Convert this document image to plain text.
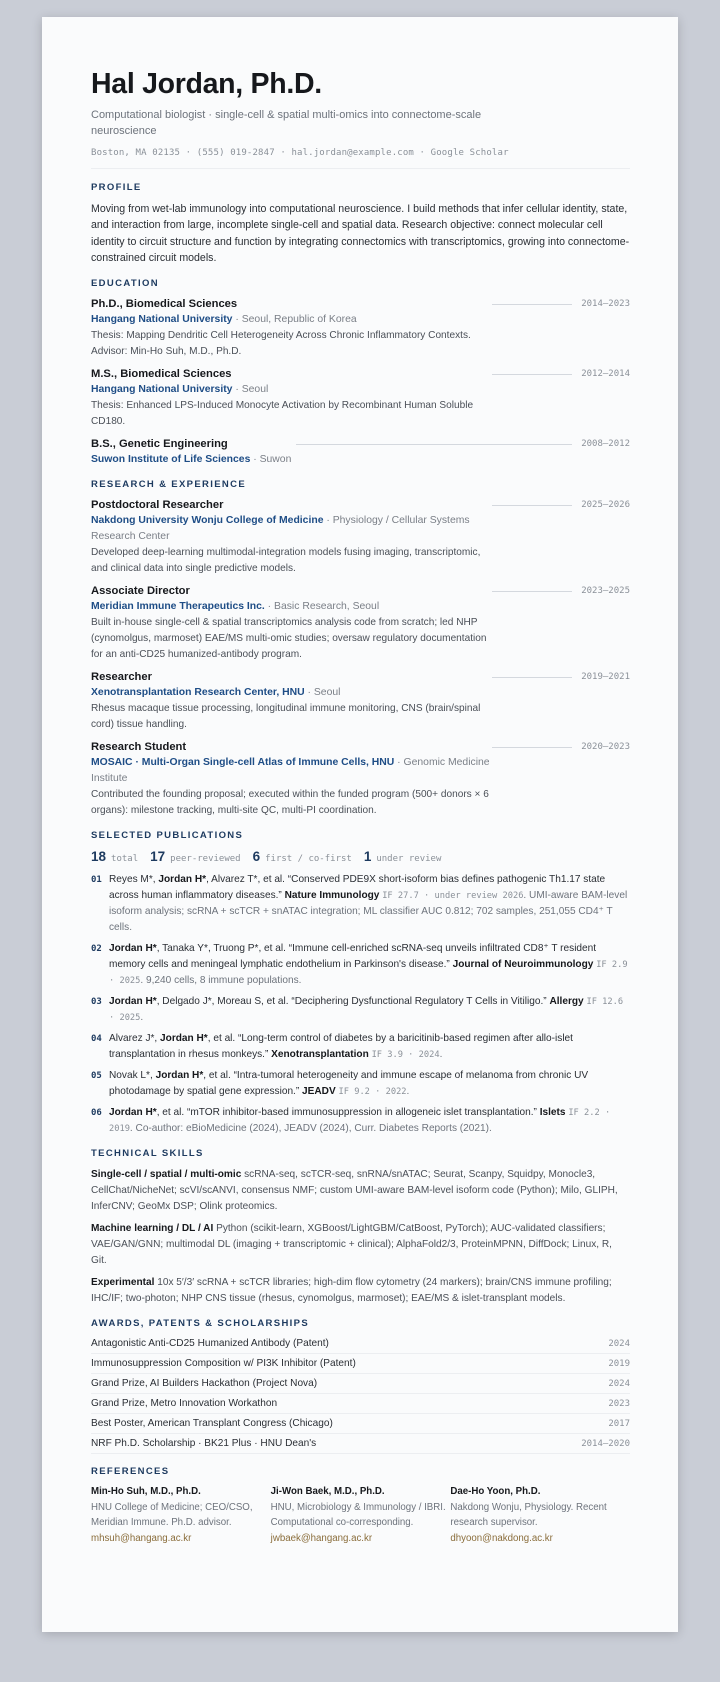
Hal Jordan, Ph.D.
Computational biologist · single-cell & spatial multi-omics into connectome-scale neuroscience
Boston, MA 02135 · (555) 019-2847 · hal.jordan@example.com · Google Scholar
PROFILE
Moving from wet-lab immunology into computational neuroscience. I build methods that infer cellular identity, state, and interaction from large, incomplete single-cell and spatial data. Research objective: connect molecular cell identity to circuit structure and function by integrating connectomics with transcriptomics, growing into connectome-constrained circuit models.
EDUCATION
Ph.D., Biomedical Sciences
Hangang National University · Seoul, Republic of Korea
Thesis: Mapping Dendritic Cell Heterogeneity Across Chronic Inflammatory Contexts. Advisor: Min-Ho Suh, M.D., Ph.D.
2014–2023
M.S., Biomedical Sciences
Hangang National University · Seoul
Thesis: Enhanced LPS-Induced Monocyte Activation by Recombinant Human Soluble CD180.
2012–2014
B.S., Genetic Engineering
Suwon Institute of Life Sciences · Suwon
2008–2012
RESEARCH & EXPERIENCE
Postdoctoral Researcher
Nakdong University Wonju College of Medicine · Physiology / Cellular Systems Research Center
Developed deep-learning multimodal-integration models fusing imaging, transcriptomic, and clinical data into single predictive models.
2025–2026
Associate Director
Meridian Immune Therapeutics Inc. · Basic Research, Seoul
Built in-house single-cell & spatial transcriptomics analysis code from scratch; led NHP (cynomolgus, marmoset) EAE/MS multi-omic studies; oversaw regulatory documentation for an anti-CD25 humanized-antibody program.
2023–2025
Researcher
Xenotransplantation Research Center, HNU · Seoul
Rhesus macaque tissue processing, longitudinal immune monitoring, CNS (brain/spinal cord) tissue handling.
2019–2021
Research Student
MOSAIC · Multi-Organ Single-cell Atlas of Immune Cells, HNU · Genomic Medicine Institute
Contributed the founding proposal; executed within the funded program (500+ donors × 6 organs): milestone tracking, multi-site QC, multi-PI coordination.
2020–2023
SELECTED PUBLICATIONS
18 total 17 peer-reviewed 6 first / co-first 1 under review
01 Reyes M*, Jordan H*, Alvarez T*, et al. “Conserved PDE9X short-isoform bias defines pathogenic Th1.17 state across human inflammatory diseases.” Nature Immunology IF 27.7 · under review 2026. UMI-aware BAM-level isoform analysis; scRNA + scTCR + snATAC integration; ML classifier AUC 0.812; 702 samples, 251,055 CD4⁺ T cells.
02 Jordan H*, Tanaka Y*, Truong P*, et al. “Immune cell-enriched scRNA-seq unveils infiltrated CD8⁺ T resident memory cells and meningeal lymphatic endothelium in Parkinson's disease.” Journal of Neuroimmunology IF 2.9 · 2025. 9,240 cells, 8 immune populations.
03 Jordan H*, Delgado J*, Moreau S, et al. “Deciphering Dysfunctional Regulatory T Cells in Vitiligo.” Allergy IF 12.6 · 2025.
04 Alvarez J*, Jordan H*, et al. “Long-term control of diabetes by a baricitinib-based regimen after allo-islet transplantation in rhesus monkeys.” Xenotransplantation IF 3.9 · 2024.
05 Novak L*, Jordan H*, et al. “Intra-tumoral heterogeneity and immune escape of melanoma from chronic UV photodamage by spatial gene expression.” JEADV IF 9.2 · 2022.
06 Jordan H*, et al. “mTOR inhibitor-based immunosuppression in allogeneic islet transplantation.” Islets IF 2.2 · 2019. Co-author: eBioMedicine (2024), JEADV (2024), Curr. Diabetes Reports (2021).
TECHNICAL SKILLS
Single-cell / spatial / multi-omic scRNA-seq, scTCR-seq, snRNA/snATAC; Seurat, Scanpy, Squidpy, Monocle3, CellChat/NicheNet; scVI/scANVI, consensus NMF; custom UMI-aware BAM-level isoform code (Python); Milo, GLIPH, InferCNV; GeoMx DSP; Olink proteomics.
Machine learning / DL / AI Python (scikit-learn, XGBoost/LightGBM/CatBoost, PyTorch); AUC-validated classifiers; VAE/GAN/GNN; multimodal DL (imaging + transcriptomic + clinical); AlphaFold2/3, ProteinMPNN, DiffDock; Linux, R, Git.
Experimental 10x 5′/3′ scRNA + scTCR libraries; high-dim flow cytometry (24 markers); brain/CNS immune profiling; IHC/IF; two-photon; NHP CNS tissue (rhesus, cynomolgus, marmoset); EAE/MS & islet-transplant models.
AWARDS, PATENTS & SCHOLARSHIPS
Antagonistic Anti-CD25 Humanized Antibody (Patent)	2024
Immunosuppression Composition w/ PI3K Inhibitor (Patent)	2019
Grand Prize, AI Builders Hackathon (Project Nova)	2024
Grand Prize, Metro Innovation Workathon	2023
Best Poster, American Transplant Congress (Chicago)	2017
NRF Ph.D. Scholarship · BK21 Plus · HNU Dean's	2014–2020
REFERENCES
Min-Ho Suh, M.D., Ph.D.
HNU College of Medicine; CEO/CSO, Meridian Immune. Ph.D. advisor.
mhsuh@hangang.ac.kr
Ji-Won Baek, M.D., Ph.D.
HNU, Microbiology & Immunology / IBRI. Computational co-corresponding.
jwbaek@hangang.ac.kr
Dae-Ho Yoon, Ph.D.
Nakdong Wonju, Physiology. Recent research supervisor.
dhyoon@nakdong.ac.kr
